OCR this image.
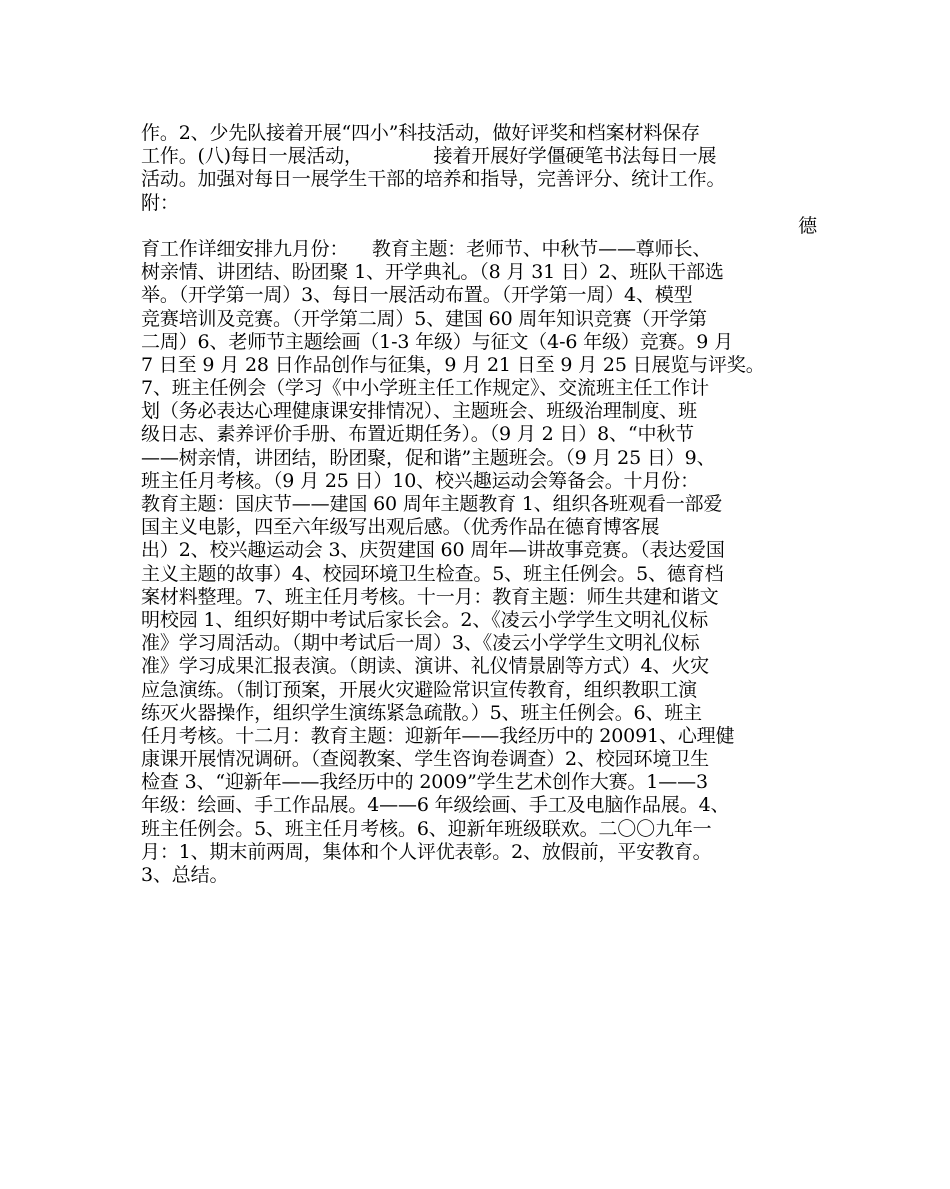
作。2、少先队接着开展“四小”科技活动，做好评奖和档案材料保存
工作。(八)每日一展活动，            接着开展好学僵硬笔书法每日一展
活动。加强对每日一展学生干部的培养和指导，完善评分、统计工作。
附：
德
育工作详细安排九月份：    教育主题：老师节、中秋节——尊师长、
树亲情、讲团结、盼团聚 1、开学典礼。（8 月 31 日）2、班队干部选
举。（开学第一周）3、每日一展活动布置。（开学第一周）4、模型
竞赛培训及竞赛。（开学第二周）5、建国 60 周年知识竞赛（开学第
二周）6、老师节主题绘画（1-3 年级）与征文（4-6 年级）竞赛。9 月
7 日至 9 月 28 日作品创作与征集，9 月 21 日至 9 月 25 日展览与评奖。
7、班主任例会（学习《中小学班主任工作规定》、交流班主任工作计
划（务必表达心理健康课安排情况）、主题班会、班级治理制度、班
级日志、素养评价手册、布置近期任务）。（9 月 2 日）8、“中秋节
——树亲情，讲团结，盼团聚，促和谐”主题班会。（9 月 25 日）9、
班主任月考核。（9 月 25 日）10、校兴趣运动会筹备会。十月份：
教育主题：国庆节——建国 60 周年主题教育 1、组织各班观看一部爱
国主义电影，四至六年级写出观后感。（优秀作品在德育博客展
出）2、校兴趣运动会 3、庆贺建国 60 周年—讲故事竞赛。（表达爱国
主义主题的故事）4、校园环境卫生检查。5、班主任例会。5、德育档
案材料整理。7、班主任月考核。十一月：教育主题：师生共建和谐文
明校园 1、组织好期中考试后家长会。2、《凌云小学学生文明礼仪标
准》学习周活动。（期中考试后一周）3、《凌云小学学生文明礼仪标
准》学习成果汇报表演。（朗读、演讲、礼仪情景剧等方式）4、火灾
应急演练。（制订预案，开展火灾避险常识宣传教育，组织教职工演
练灭火器操作，组织学生演练紧急疏散。）5、班主任例会。6、班主
任月考核。十二月：教育主题：迎新年——我经历中的 20091、心理健
康课开展情况调研。（查阅教案、学生咨询卷调查）2、校园环境卫生
检查 3、“迎新年——我经历中的 2009”学生艺术创作大赛。1——3
年级：绘画、手工作品展。4——6 年级绘画、手工及电脑作品展。4、
班主任例会。5、班主任月考核。6、迎新年班级联欢。二〇〇九年一
月：1、期末前两周，集体和个人评优表彰。2、放假前，平安教育。
3、总结。
